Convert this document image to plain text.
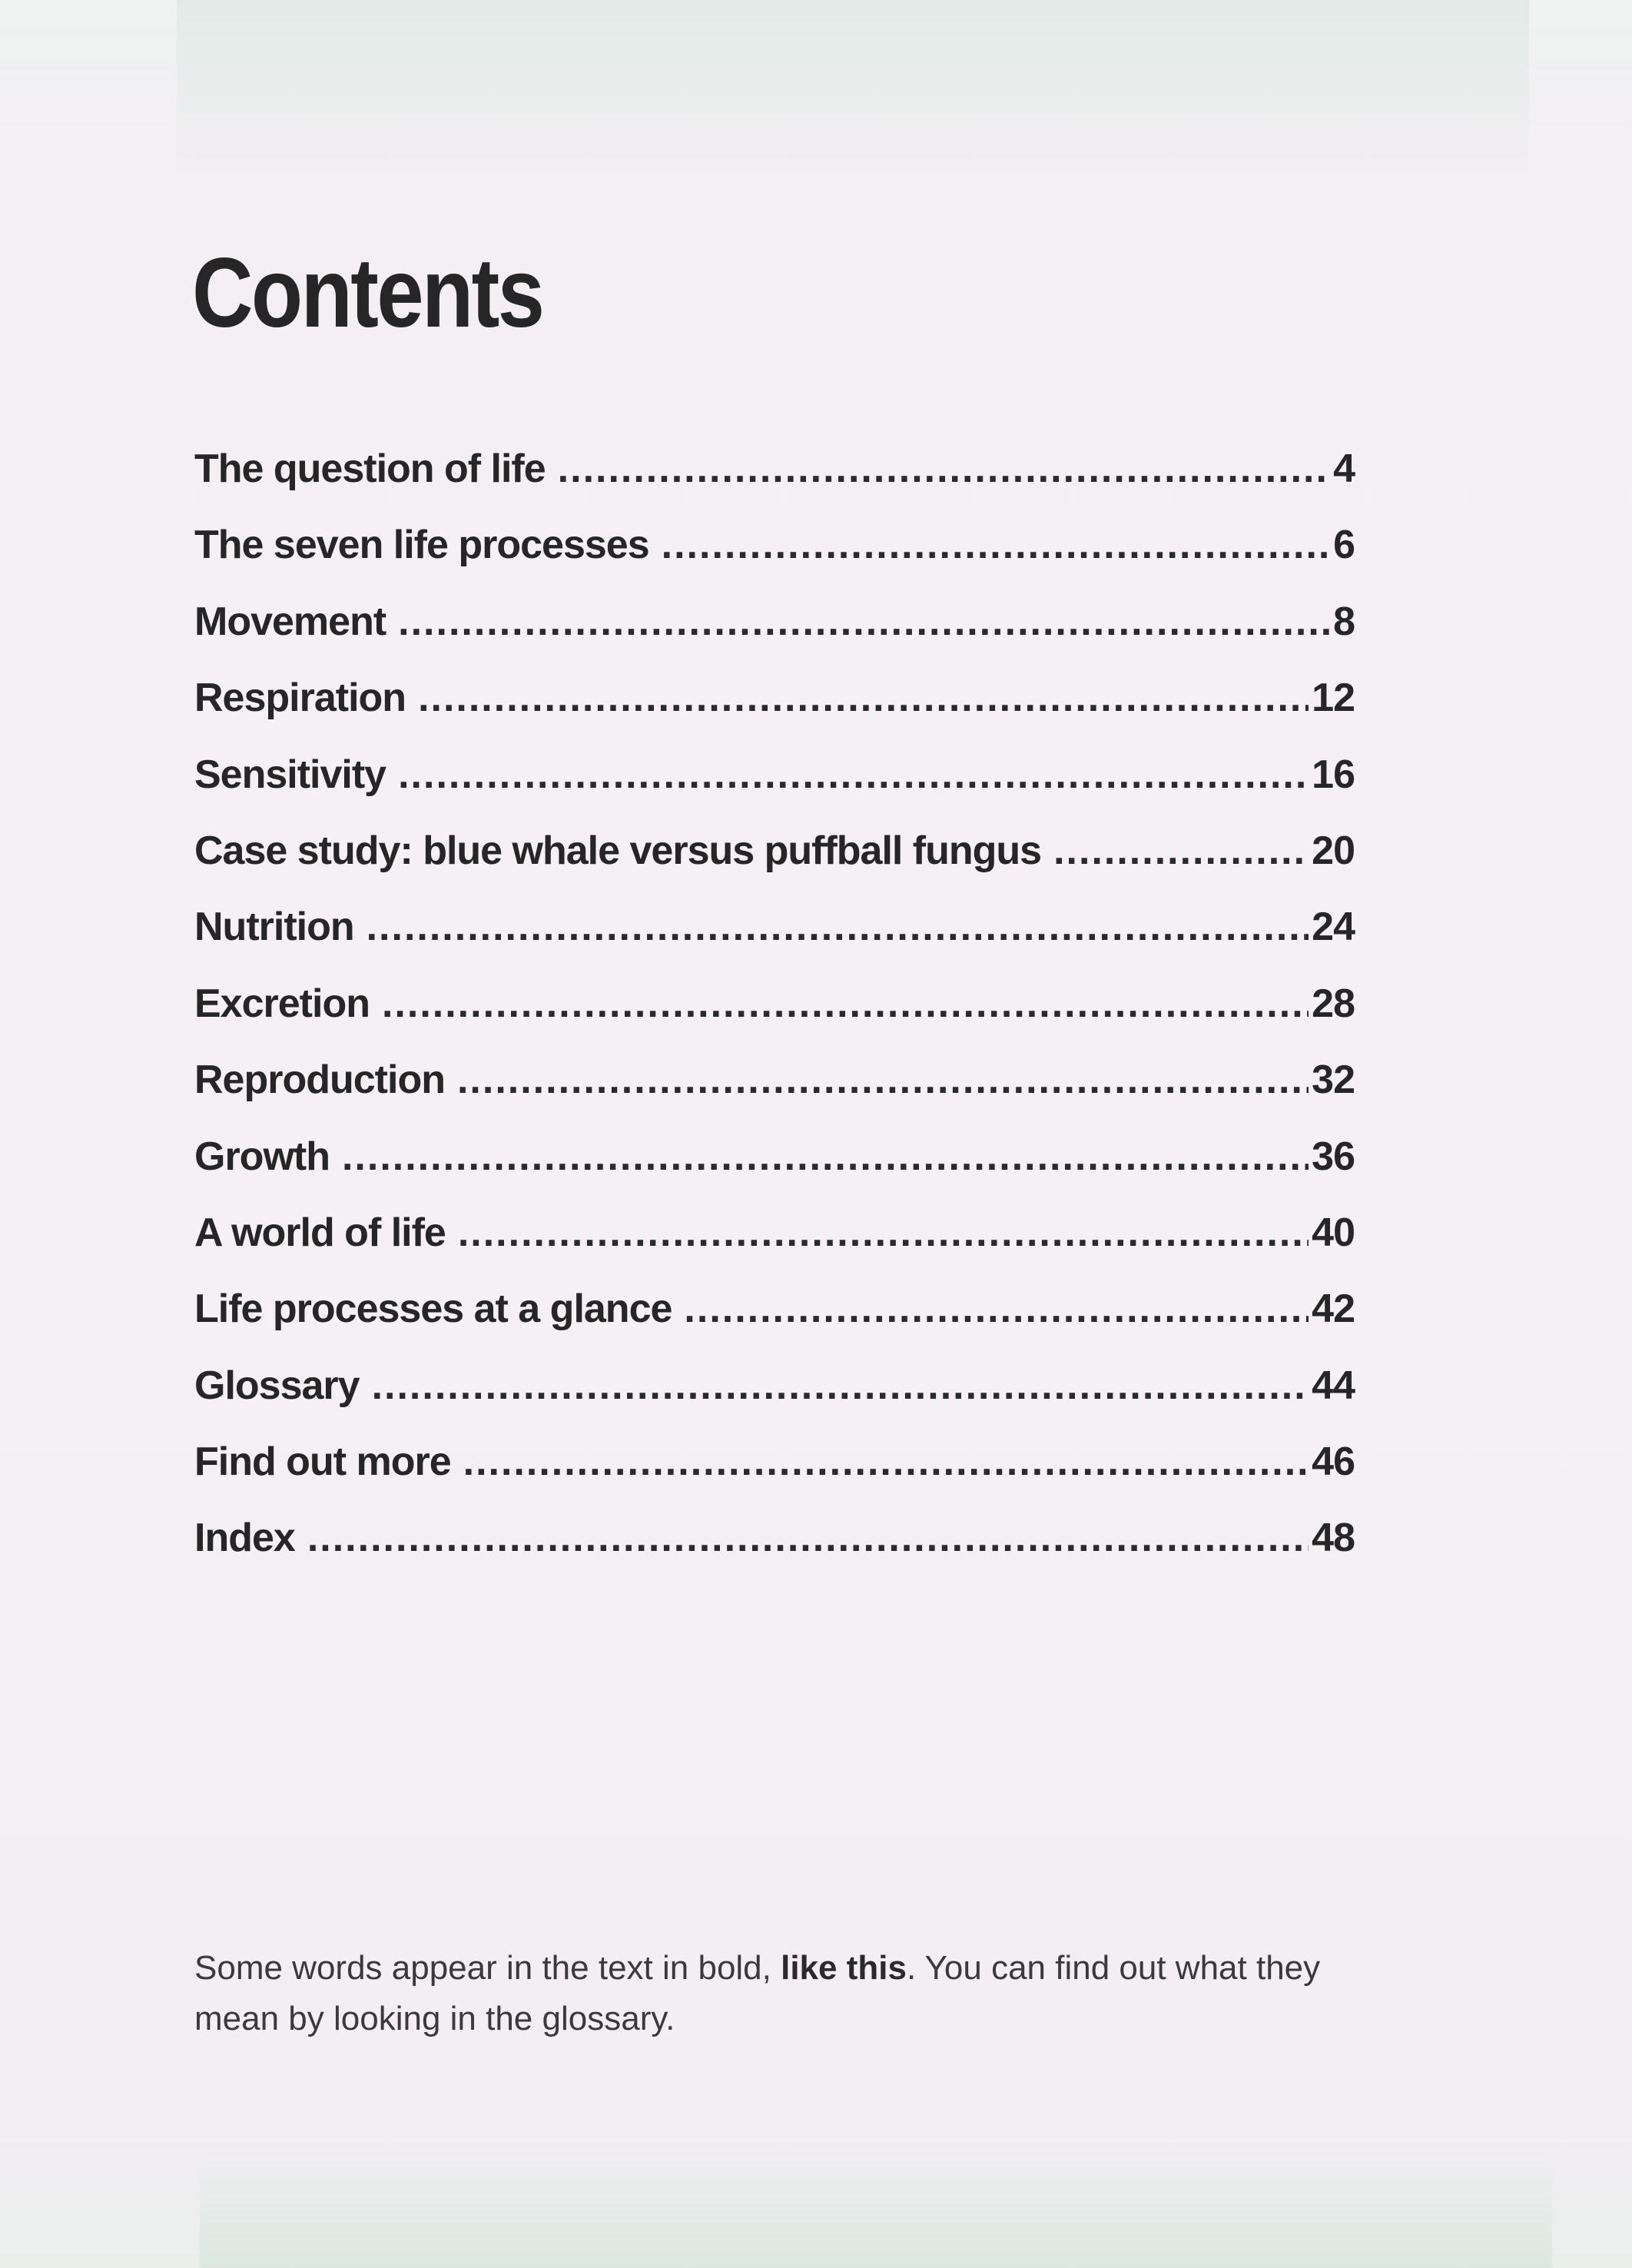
Contents
The question of life .....	4
The seven life processes .....	6
Movement .....	8
Respiration .....	12
Sensitivity .....	16
Case study: blue whale versus puffball fungus .....	20
Nutrition .....	24
Excretion .....	28
Reproduction .....	32
Growth .....	36
A world of life .....	40
Life processes at a glance .....	42
Glossary .....	44
Find out more .....	46
Index .....	48

Some words appear in the text in bold, like this. You can find out what they mean by looking in the glossary.
